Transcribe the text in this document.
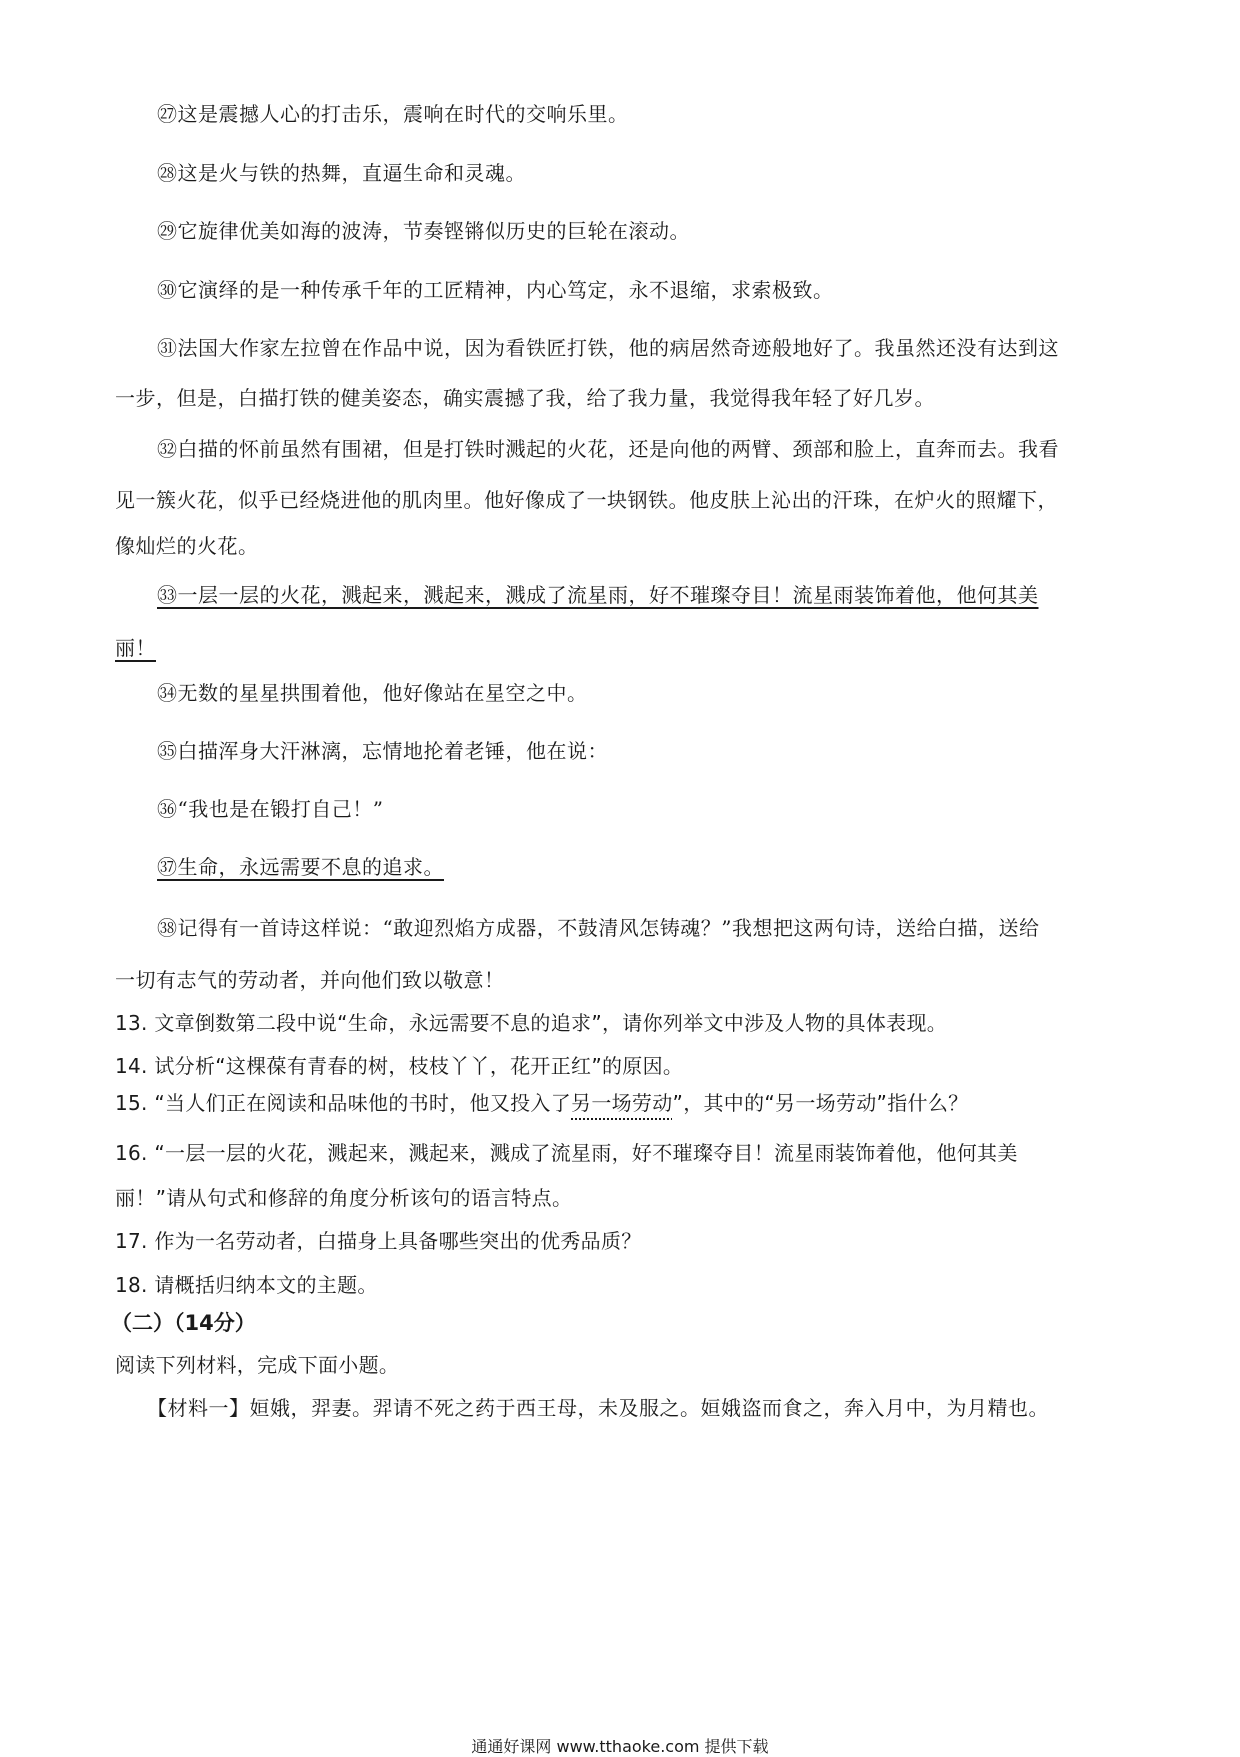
㉗这是震撼人心的打击乐，震响在时代的交响乐里。
㉘这是火与铁的热舞，直逼生命和灵魂。
㉙它旋律优美如海的波涛，节奏铿锵似历史的巨轮在滚动。
㉚它演绎的是一种传承千年的工匠精神，内心笃定，永不退缩，求索极致。
㉛法国大作家左拉曾在作品中说，因为看铁匠打铁，他的病居然奇迹般地好了。我虽然还没有达到这
一步，但是，白描打铁的健美姿态，确实震撼了我，给了我力量，我觉得我年轻了好几岁。
㉜白描的怀前虽然有围裙，但是打铁时溅起的火花，还是向他的两臂、颈部和脸上，直奔而去。我看
见一簇火花，似乎已经烧进他的肌肉里。他好像成了一块钢铁。他皮肤上沁出的汗珠，在炉火的照耀下，
像灿烂的火花。
㉝一层一层的火花，溅起来，溅起来，溅成了流星雨，好不璀璨夺目！流星雨装饰着他，他何其美
丽！
㉞无数的星星拱围着他，他好像站在星空之中。
㉟白描浑身大汗淋漓，忘情地抡着老锤，他在说：
㊱“我也是在锻打自己！”
㊲生命，永远需要不息的追求。
㊳记得有一首诗这样说：“敢迎烈焰方成器，不鼓清风怎铸魂？”我想把这两句诗，送给白描，送给
一切有志气的劳动者，并向他们致以敬意！
13. 文章倒数第二段中说“生命，永远需要不息的追求”，请你列举文中涉及人物的具体表现。
14. 试分析“这棵葆有青春的树，枝枝丫丫，花开正红”的原因。
15. “当人们正在阅读和品味他的书时，他又投入了另一场劳动”，其中的“另一场劳动”指什么？
16. “一层一层的火花，溅起来，溅起来，溅成了流星雨，好不璀璨夺目！流星雨装饰着他，他何其美
丽！”请从句式和修辞的角度分析该句的语言特点。
17. 作为一名劳动者，白描身上具备哪些突出的优秀品质？
18. 请概括归纳本文的主题。
（二）（14分）
阅读下列材料，完成下面小题。
【材料一】姮娥，羿妻。羿请不死之药于西王母，未及服之。姮娥盗而食之，奔入月中，为月精也。
通通好课网 www.tthaoke.com 提供下载
